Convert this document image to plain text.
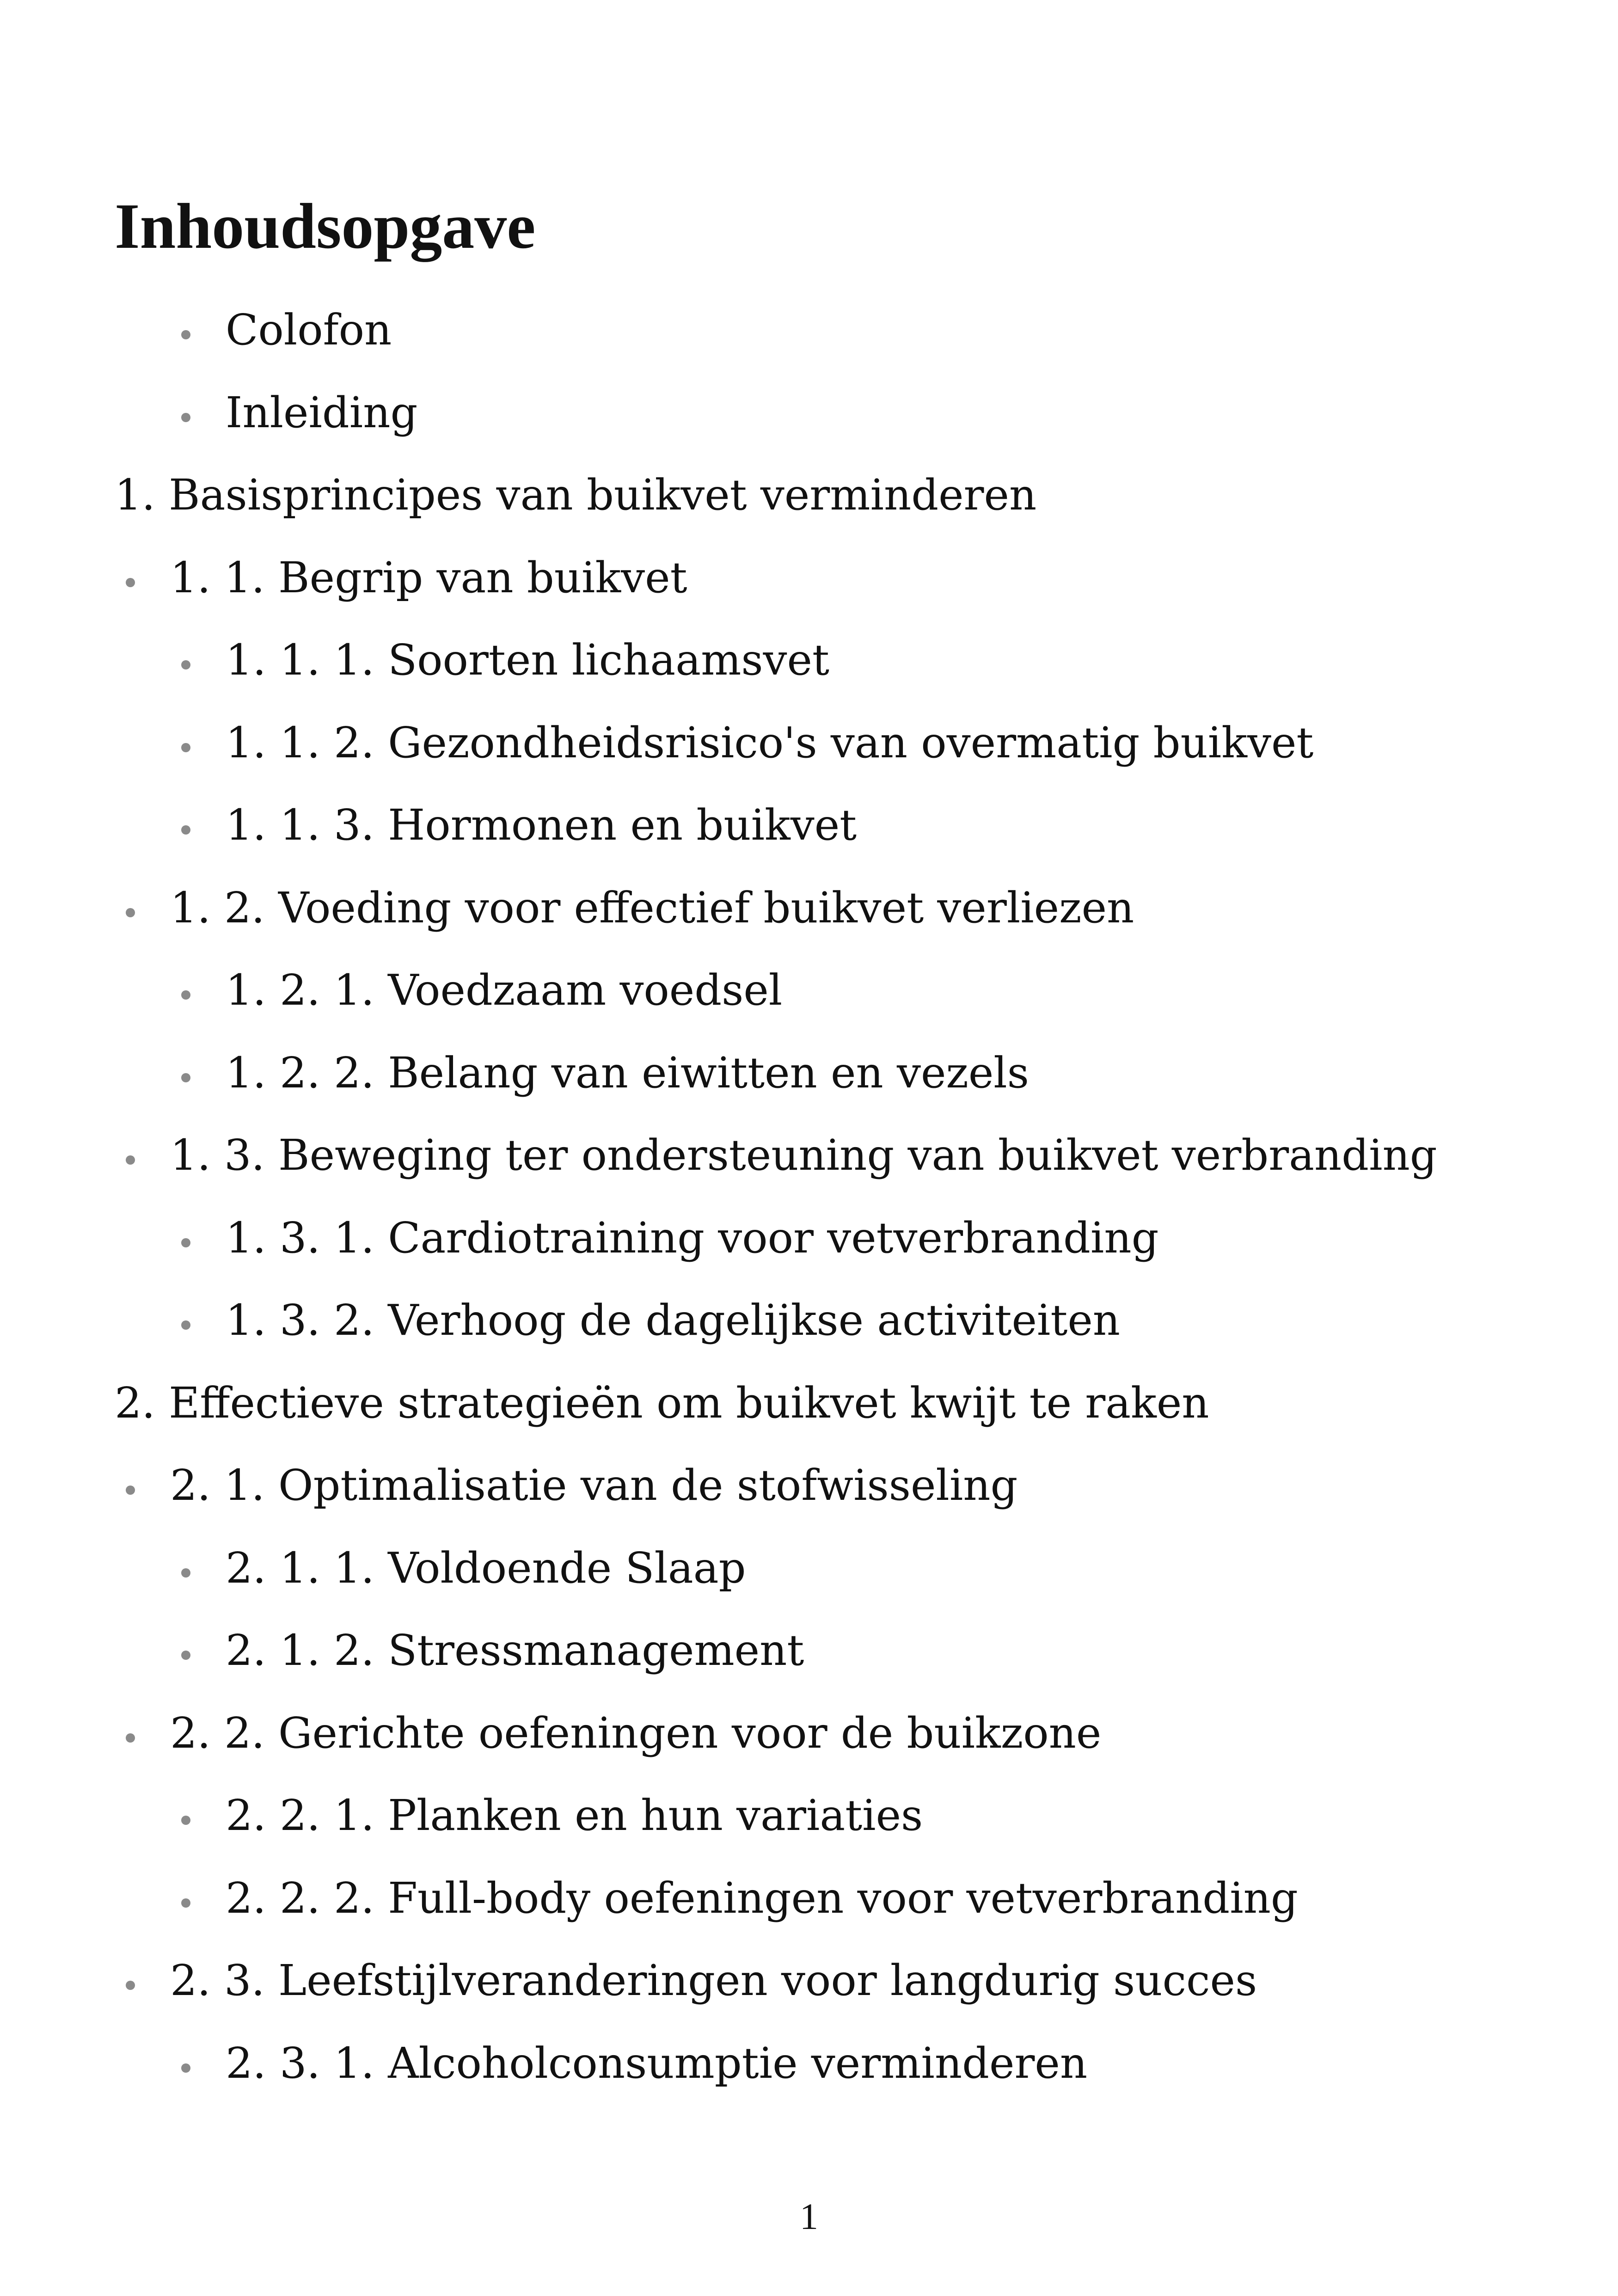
Inhoudsopgave
Colofon
Inleiding
1. Basisprincipes van buikvet verminderen
1. 1. Begrip van buikvet
1. 1. 1. Soorten lichaamsvet
1. 1. 2. Gezondheidsrisico's van overmatig buikvet
1. 1. 3. Hormonen en buikvet
1. 2. Voeding voor effectief buikvet verliezen
1. 2. 1. Voedzaam voedsel
1. 2. 2. Belang van eiwitten en vezels
1. 3. Beweging ter ondersteuning van buikvet verbranding
1. 3. 1. Cardiotraining voor vetverbranding
1. 3. 2. Verhoog de dagelijkse activiteiten
2. Effectieve strategieën om buikvet kwijt te raken
2. 1. Optimalisatie van de stofwisseling
2. 1. 1. Voldoende Slaap
2. 1. 2. Stressmanagement
2. 2. Gerichte oefeningen voor de buikzone
2. 2. 1. Planken en hun variaties
2. 2. 2. Full-body oefeningen voor vetverbranding
2. 3. Leefstijlveranderingen voor langdurig succes
2. 3. 1. Alcoholconsumptie verminderen
1
